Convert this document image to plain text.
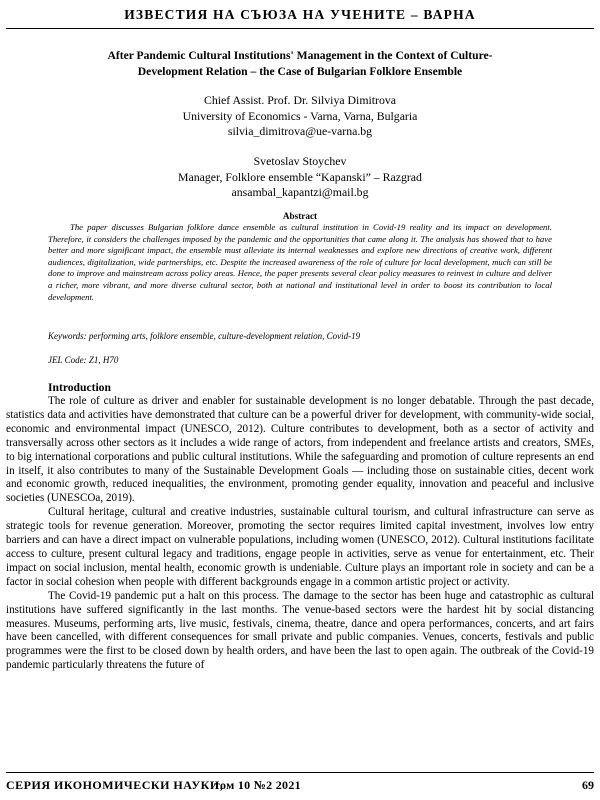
ИЗВЕСТИЯ НА СЪЮЗА НА УЧЕНИТЕ – ВАРНА
After Pandemic Cultural Institutions' Management in the Context of Culture-
Development Relation – the Case of Bulgarian Folklore Ensemble
Chief Assist. Prof. Dr. Silviya Dimitrova
University of Economics - Varna, Varna, Bulgaria
silvia_dimitrova@ue-varna.bg
Svetoslav Stoychev
Manager, Folklore ensemble “Kapanski” – Razgrad
ansambal_kapantzi@mail.bg
Abstract

The paper discusses Bulgarian folklore dance ensemble as cultural institution in Covid-19 reality and its impact on development. Therefore, it considers the challenges imposed by the pandemic and the opportunities that came along it. The analysis has showed that to have better and more significant impact, the ensemble must alleviate its internal weaknesses and explore new directions of creative work, different audiences, digitalization, wide partnerships, etc. Despite the increased awareness of the role of culture for local development, much can still be done to improve and mainstream across policy areas. Hence, the paper presents several clear policy measures to reinvest in culture and deliver a richer, more vibrant, and more diverse cultural sector, both at national and institutional level in order to boost its contribution to local development.

Keywords: performing arts, folklore ensemble, culture-development relation, Covid-19
JEL Code: Z1, H70
Introduction

The role of culture as driver and enabler for sustainable development is no longer debatable. Through the past decade, statistics data and activities have demonstrated that culture can be a powerful driver for development, with community-wide social, economic and environmental impact (UNESCO, 2012). Culture contributes to development, both as a sector of activity and transversally across other sectors as it includes a wide range of actors, from independent and freelance artists and creators, SMEs, to big international corporations and public cultural institutions. While the safeguarding and promotion of culture represents an end in itself, it also contributes to many of the Sustainable Development Goals — including those on sustainable cities, decent work and economic growth, reduced inequalities, the environment, promoting gender equality, innovation and peaceful and inclusive societies (UNESCOa, 2019).

Cultural heritage, cultural and creative industries, sustainable cultural tourism, and cultural infrastructure can serve as strategic tools for revenue generation. Moreover, promoting the sector requires limited capital investment, involves low entry barriers and can have a direct impact on vulnerable populations, including women (UNESCO, 2012). Cultural institutions facilitate access to culture, present cultural legacy and traditions, engage people in activities, serve as venue for entertainment, etc. Their impact on social inclusion, mental health, economic growth is undeniable. Culture plays an important role in society and can be a factor in social cohesion when people with different backgrounds engage in a common artistic project or activity.

The Covid-19 pandemic put a halt on this process. The damage to the sector has been huge and catastrophic as cultural institutions have suffered significantly in the last months. The venue-based sectors were the hardest hit by social distancing measures. Museums, performing arts, live music, festivals, cinema, theatre, dance and opera performances, concerts, and art fairs have been cancelled, with different consequences for small private and public companies. Venues, concerts, festivals and public programmes were the first to be closed down by health orders, and have been the last to open again. The outbreak of the Covid-19 pandemic particularly threatens the future of

СЕРИЯ ИКОНОМИЧЕСКИ НАУКИ,
том 10 №2 2021	69
